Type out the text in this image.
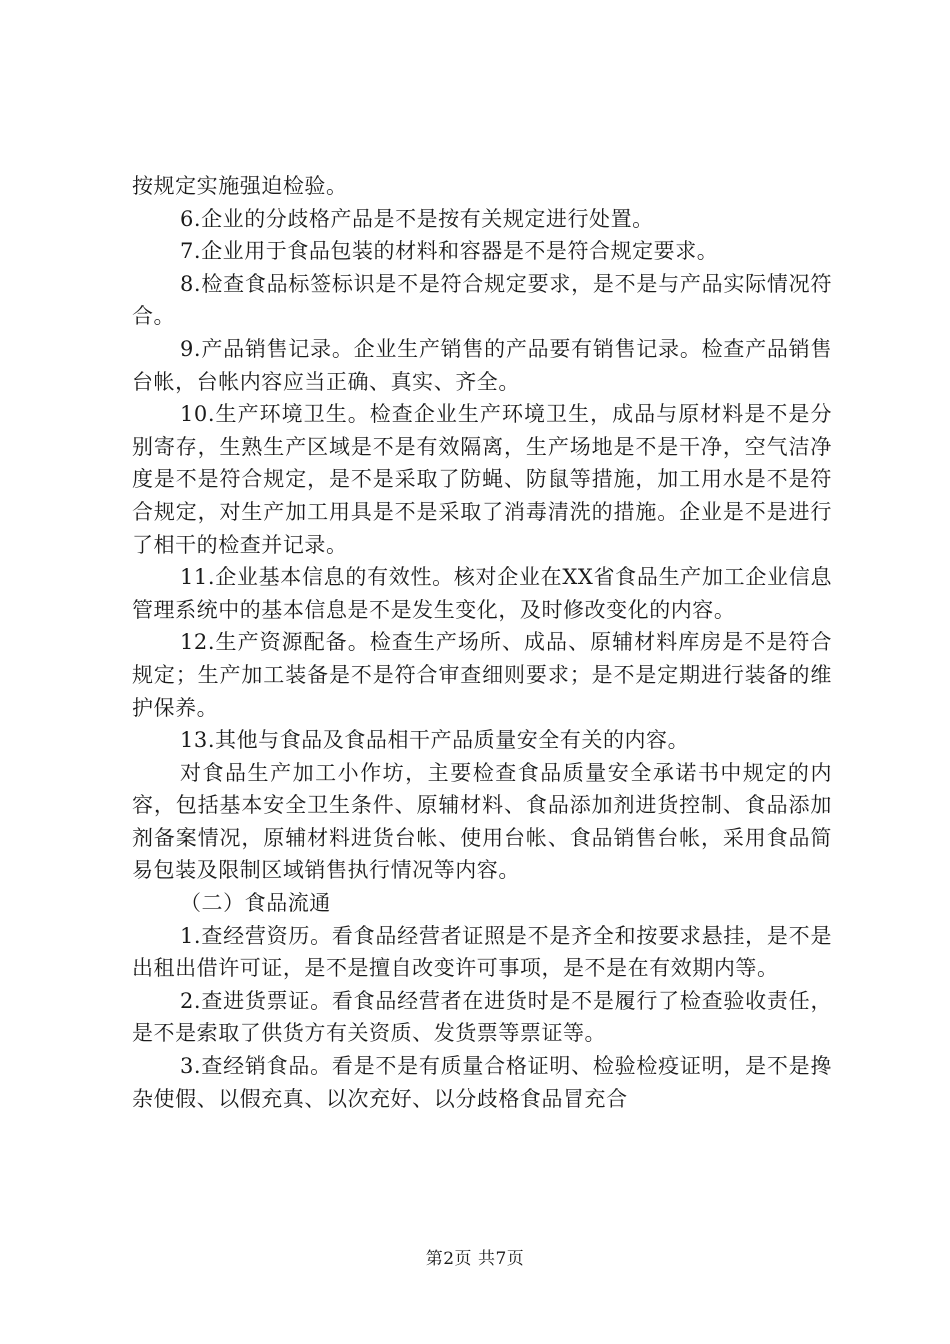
按规定实施强迫检验。

6.企业的分歧格产品是不是按有关规定进行处置。

7.企业用于食品包装的材料和容器是不是符合规定要求。

8.检查食品标签标识是不是符合规定要求，是不是与产品实际情况符合。

9.产品销售记录。企业生产销售的产品要有销售记录。检查产品销售台帐，台帐内容应当正确、真实、齐全。

10.生产环境卫生。检查企业生产环境卫生，成品与原材料是不是分别寄存，生熟生产区域是不是有效隔离，生产场地是不是干净，空气洁净度是不是符合规定，是不是采取了防蝇、防鼠等措施，加工用水是不是符合规定，对生产加工用具是不是采取了消毒清洗的措施。企业是不是进行了相干的检查并记录。

11.企业基本信息的有效性。核对企业在XX省食品生产加工企业信息管理系统中的基本信息是不是发生变化，及时修改变化的内容。

12.生产资源配备。检查生产场所、成品、原辅材料库房是不是符合规定；生产加工装备是不是符合审查细则要求；是不是定期进行装备的维护保养。

13.其他与食品及食品相干产品质量安全有关的内容。

对食品生产加工小作坊，主要检查食品质量安全承诺书中规定的内容，包括基本安全卫生条件、原辅材料、食品添加剂进货控制、食品添加剂备案情况，原辅材料进货台帐、使用台帐、食品销售台帐，采用食品简易包装及限制区域销售执行情况等内容。

（二）食品流通

1.查经营资历。看食品经营者证照是不是齐全和按要求悬挂，是不是出租出借许可证，是不是擅自改变许可事项，是不是在有效期内等。

2.查进货票证。看食品经营者在进货时是不是履行了检查验收责任，是不是索取了供货方有关资质、发货票等票证等。

3.查经销食品。看是不是有质量合格证明、检验检疫证明，是不是搀杂使假、以假充真、以次充好、以分歧格食品冒充合

第2页 共7页
